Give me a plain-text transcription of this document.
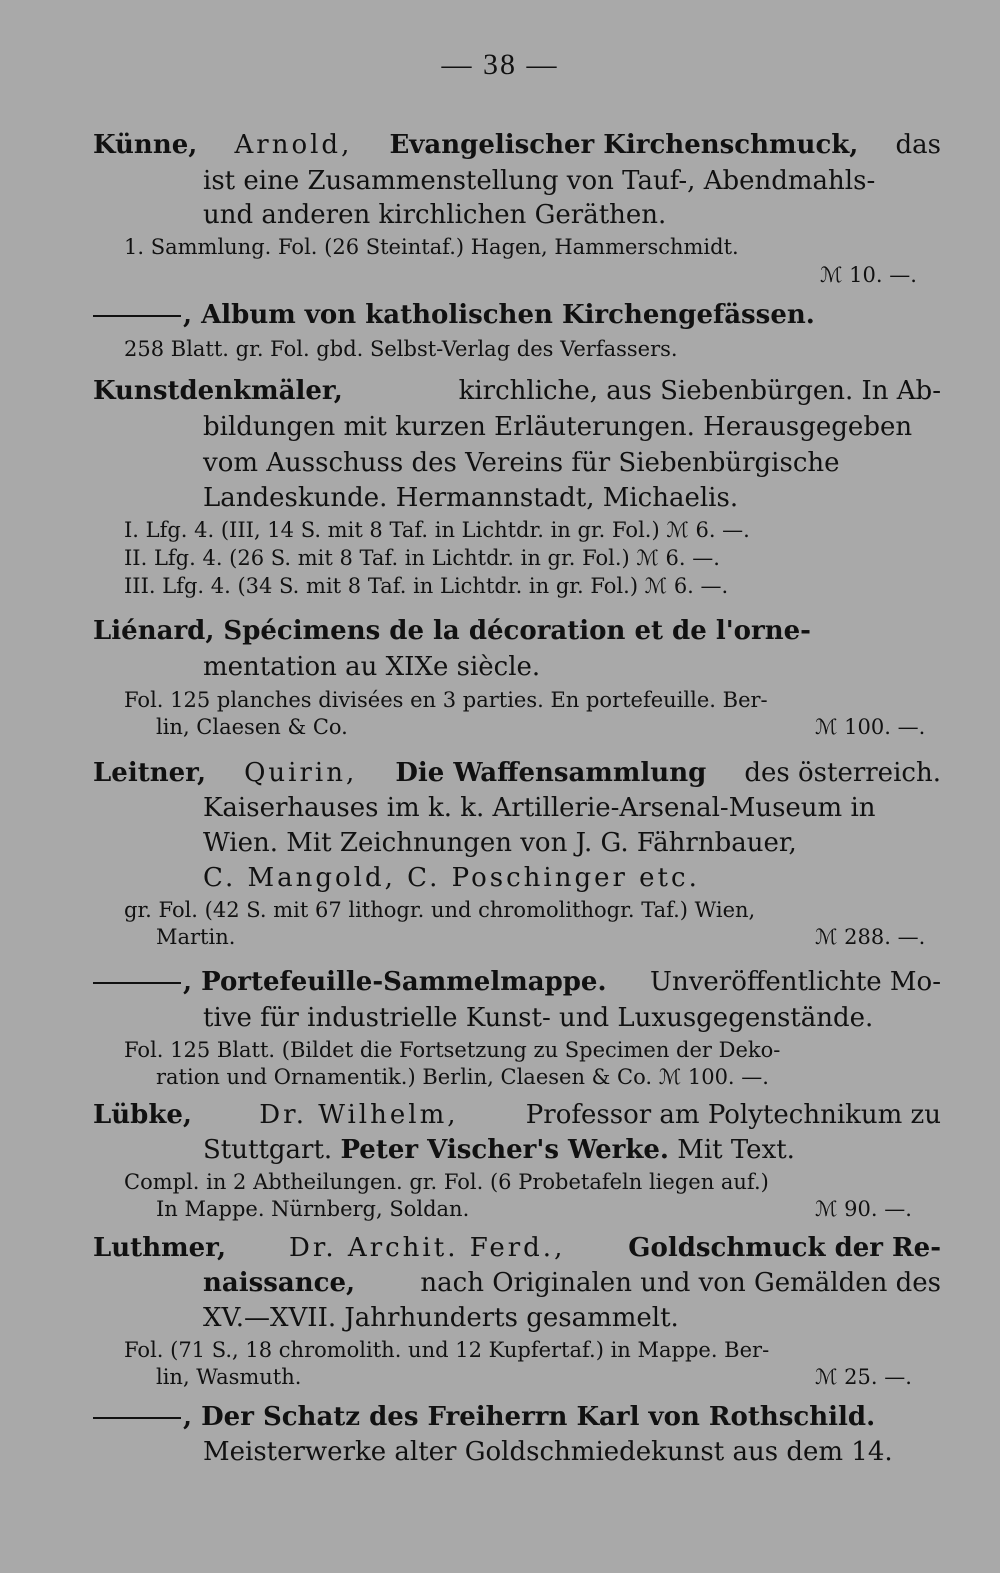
— 38 —
Künne, Arnold, Evangelischer Kirchenschmuck, das
ist eine Zusammenstellung von Tauf-, Abendmahls-
und anderen kirchlichen Geräthen.
1. Sammlung. Fol. (26 Steintaf.) Hagen, Hammerschmidt.
ℳ 10. —.
, Album von katholischen Kirchengefässen.
258 Blatt. gr. Fol. gbd. Selbst-Verlag des Verfassers.
Kunstdenkmäler,	kirchliche, aus Siebenbürgen. In Ab-
bildungen mit kurzen Erläuterungen. Herausgegeben
vom Ausschuss des Vereins für Siebenbürgische
Landeskunde. Hermannstadt, Michaelis.
I. Lfg. 4. (III, 14 S. mit 8 Taf. in Lichtdr. in gr. Fol.) ℳ 6. —.
II. Lfg. 4. (26 S. mit 8 Taf. in Lichtdr. in gr. Fol.) ℳ 6. —.
III. Lfg. 4. (34 S. mit 8 Taf. in Lichtdr. in gr. Fol.) ℳ 6. —.
Liénard, Spécimens de la décoration et de l'orne-
mentation au XIXe siècle.
Fol. 125 planches divisées en 3 parties. En portefeuille. Ber-
lin, Claesen & Co.	ℳ 100. —.
Leitner, Quirin, Die Waffensammlung des österreich.
Kaiserhauses im k. k. Artillerie-Arsenal-Museum in
Wien. Mit Zeichnungen von J. G. Fährnbauer,
C. Mangold, C. Poschinger etc.
gr. Fol. (42 S. mit 67 lithogr. und chromolithogr. Taf.) Wien,
Martin.	ℳ 288. —.
, Portefeuille-Sammelmappe. Unveröffentlichte Mo-
tive für industrielle Kunst- und Luxusgegenstände.
Fol. 125 Blatt. (Bildet die Fortsetzung zu Specimen der Deko-
ration und Ornamentik.) Berlin, Claesen & Co. ℳ 100. —.
Lübke,	Dr. Wilhelm,	Professor am Polytechnikum zu
Stuttgart. Peter Vischer's Werke. Mit Text.
Compl. in 2 Abtheilungen. gr. Fol. (6 Probetafeln liegen auf.)
In Mappe. Nürnberg, Soldan.	ℳ 90. —.
Luthmer, Dr. Archit. Ferd., Goldschmuck der Re-
naissance,	nach Originalen und von Gemälden des
XV.—XVII. Jahrhunderts gesammelt.
Fol. (71 S., 18 chromolith. und 12 Kupfertaf.) in Mappe. Ber-
lin, Wasmuth.	ℳ 25. —.
, Der Schatz des Freiherrn Karl von Rothschild.
Meisterwerke alter Goldschmiedekunst aus dem 14.
